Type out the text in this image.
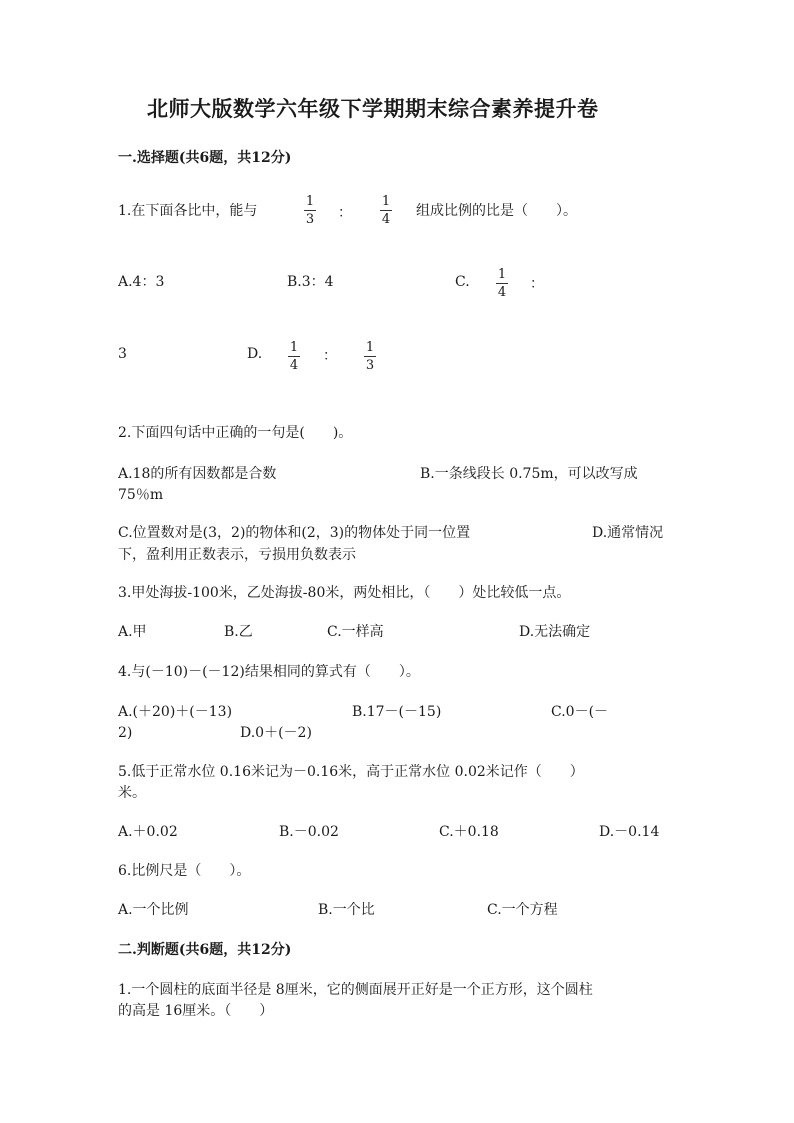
北师大版数学六年级下学期期末综合素养提升卷
一.选择题(共6题，共12分)
1.在下面各比中，能与
1
3 ：
1
4
组成比例的比是（　　）。
A.4：3	B.3：4	C. 1
4
：
3	D. 1
4
：
1
3
2.下面四句话中正确的一句是(　　)。
A.18的所有因数都是合数	B.一条线段长 0.75m，可以改写成
75％m
C.位置数对是(3，2)的物体和(2，3)的物体处于同一位置	D.通常情况
下，盈利用正数表示，亏损用负数表示
3.甲处海拔-100米，乙处海拔-80米，两处相比，（　　）处比较低一点。
A.甲	B.乙	C.一样高	D.无法确定
4.与(－10)－(－12)结果相同的算式有（　　）。
A.(＋20)＋(－13)	B.17－(－15)	C.0－(－
2)	D.0＋(－2)
5.低于正常水位 0.16米记为－0.16米，高于正常水位 0.02米记作（　　）
米。
A.＋0.02	B.－0.02	C.＋0.18	D.－0.14
6.比例尺是（　　）。
A.一个比例	B.一个比	C.一个方程
二.判断题(共6题，共12分)
1.一个圆柱的底面半径是 8厘米，它的侧面展开正好是一个正方形，这个圆柱
的高是 16厘米。（　　）
